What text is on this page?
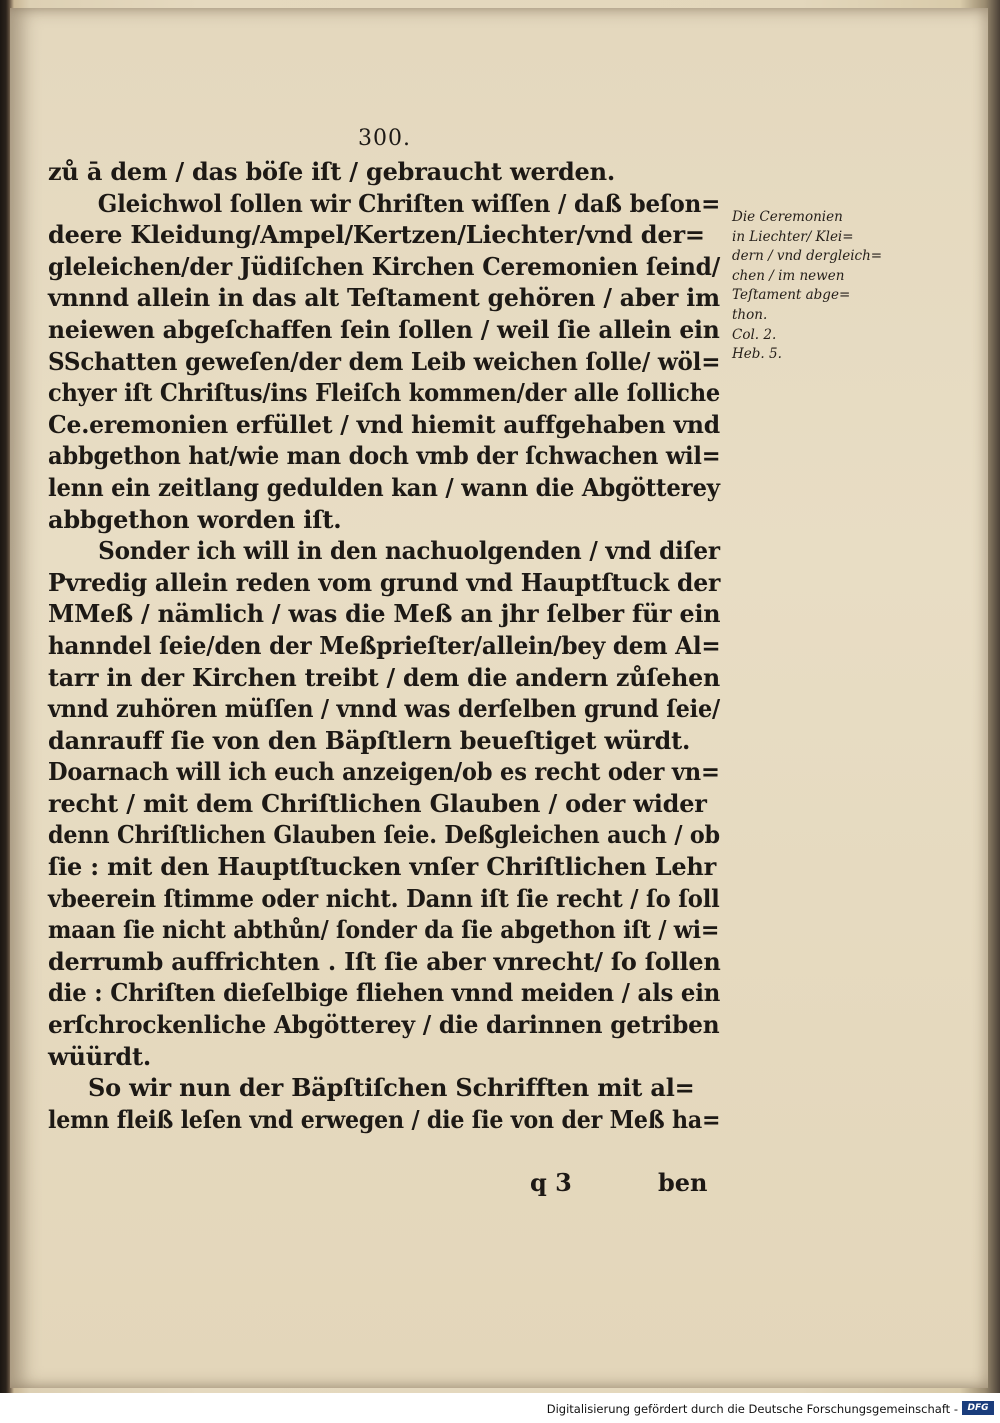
300.
zů ā dem / das böſe iſt / gebraucht werden.
Gleichwol ſollen wir Chriſten wiſſen / daß beſon=
deere Kleidung/Ampel/Kertzen/Liechter/vnd der=
gleleichen/der Jüdiſchen Kirchen Ceremonien ſeind/
vnnnd allein in das alt Teſtament gehören / aber im
neiewen abgeſchaffen ſein ſollen / weil ſie allein ein
SSchatten geweſen/der dem Leib weichen ſolle/ wöl=
chyer iſt Chriſtus/ins Fleiſch kommen/der alle ſolliche
Ce.eremonien erfüllet / vnd hiemit auffgehaben vnd
abbgethon hat/wie man doch vmb der ſchwachen wil=
lenn ein zeitlang gedulden kan / wann die Abgötterey
abbgethon worden iſt.
Sonder ich will in den nachuolgenden / vnd diſer
Pvredig allein reden vom grund vnd Hauptſtuck der
MMeß / nämlich / was die Meß an jhr ſelber für ein
hanndel ſeie/den der Meßprieſter/allein/bey dem Al=
tarr in der Kirchen treibt / dem die andern zůſehen
vnnd zuhören müſſen / vnnd was derſelben grund ſeie/
danrauff ſie von den Bäpſtlern beueſtiget würdt.
Doarnach will ich euch anzeigen/ob es recht oder vn=
recht / mit dem Chriſtlichen Glauben / oder wider
denn Chriſtlichen Glauben ſeie. Deßgleichen auch / ob
ſie : mit den Hauptſtucken vnſer Chriſtlichen Lehr
vbeerein ſtimme oder nicht. Dann iſt ſie recht / ſo ſoll
maan ſie nicht abthůn/ ſonder da ſie abgethon iſt / wi=
derrumb auffrichten . Iſt ſie aber vnrecht/ ſo ſollen
die : Chriſten dieſelbige fliehen vnnd meiden / als ein
erſchrockenliche Abgötterey / die darinnen getriben
wüürdt.
So wir nun der Bäpſtiſchen Schrifften mit al=
lemn fleiß leſen vnd erwegen / die ſie von der Meß ha=
Die Ceremonien
in Liechter/ Klei=
dern / vnd dergleich=
chen / im newen
Teſtament abge=
thon.
Col. 2.
Heb. 5.
q 3	ben
Digitalisierung gefördert durch die Deutsche Forschungsgemeinschaft -	DFG
